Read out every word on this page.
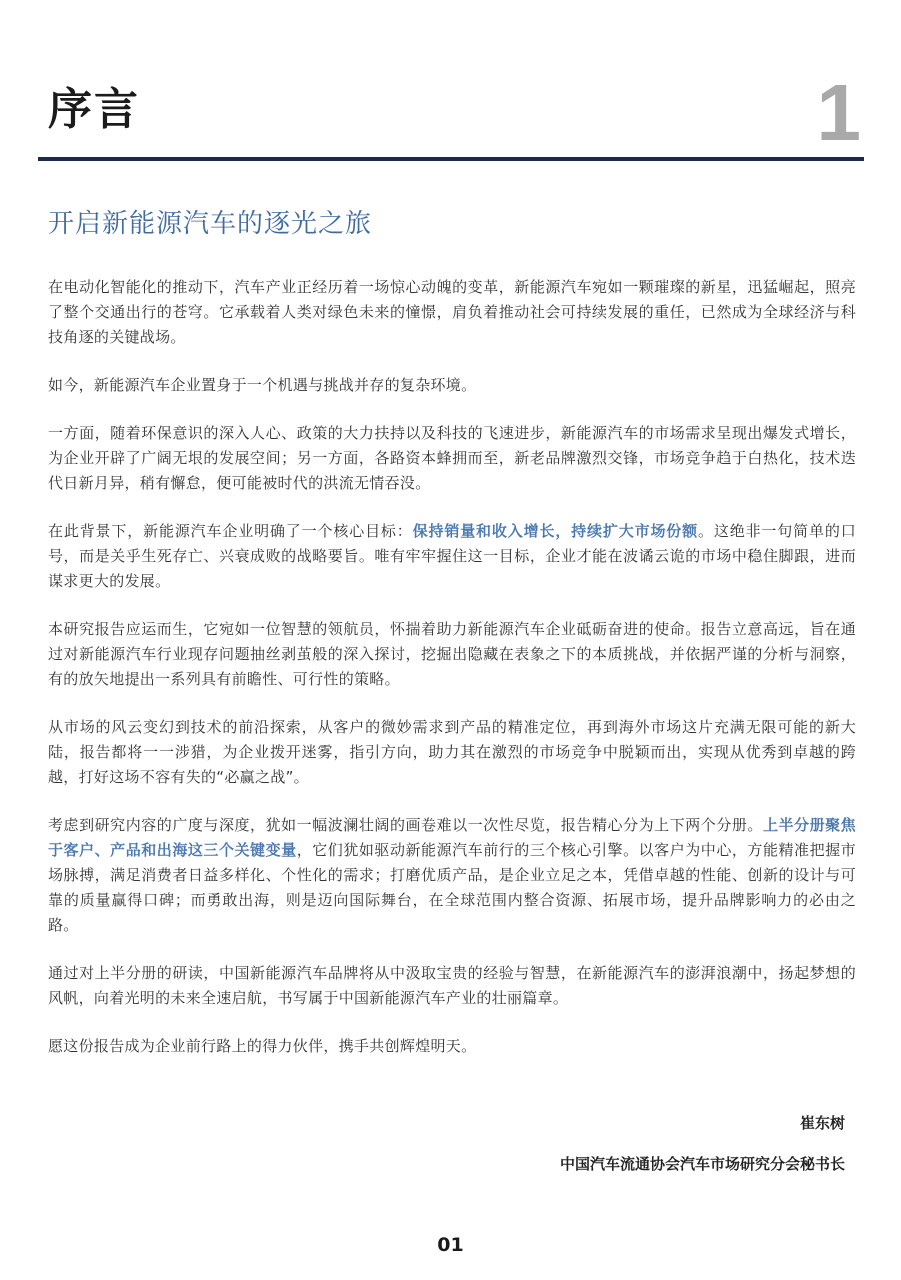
序言	1
开启新能源汽车的逐光之旅

在电动化智能化的推动下，汽车产业正经历着一场惊心动魄的变革，新能源汽车宛如一颗璀璨的新星，迅猛崛起，照亮了整个交通出行的苍穹。它承载着人类对绿色未来的憧憬，肩负着推动社会可持续发展的重任，已然成为全球经济与科技角逐的关键战场。

如今，新能源汽车企业置身于一个机遇与挑战并存的复杂环境。

一方面，随着环保意识的深入人心、政策的大力扶持以及科技的飞速进步，新能源汽车的市场需求呈现出爆发式增长，为企业开辟了广阔无垠的发展空间；另一方面，各路资本蜂拥而至，新老品牌激烈交锋，市场竞争趋于白热化，技术迭代日新月异，稍有懈怠，便可能被时代的洪流无情吞没。

在此背景下，新能源汽车企业明确了一个核心目标：保持销量和收入增长，持续扩大市场份额。这绝非一句简单的口号，而是关乎生死存亡、兴衰成败的战略要旨。唯有牢牢握住这一目标，企业才能在波谲云诡的市场中稳住脚跟，进而谋求更大的发展。

本研究报告应运而生，它宛如一位智慧的领航员，怀揣着助力新能源汽车企业砥砺奋进的使命。报告立意高远，旨在通过对新能源汽车行业现存问题抽丝剥茧般的深入探讨，挖掘出隐藏在表象之下的本质挑战，并依据严谨的分析与洞察，有的放矢地提出一系列具有前瞻性、可行性的策略。

从市场的风云变幻到技术的前沿探索，从客户的微妙需求到产品的精准定位，再到海外市场这片充满无限可能的新大陆，报告都将一一涉猎，为企业拨开迷雾，指引方向，助力其在激烈的市场竞争中脱颖而出，实现从优秀到卓越的跨越，打好这场不容有失的“必赢之战”。

考虑到研究内容的广度与深度，犹如一幅波澜壮阔的画卷难以一次性尽览，报告精心分为上下两个分册。上半分册聚焦于客户、产品和出海这三个关键变量，它们犹如驱动新能源汽车前行的三个核心引擎。以客户为中心，方能精准把握市场脉搏，满足消费者日益多样化、个性化的需求；打磨优质产品，是企业立足之本，凭借卓越的性能、创新的设计与可靠的质量赢得口碑；而勇敢出海，则是迈向国际舞台，在全球范围内整合资源、拓展市场，提升品牌影响力的必由之路。

通过对上半分册的研读，中国新能源汽车品牌将从中汲取宝贵的经验与智慧，在新能源汽车的澎湃浪潮中，扬起梦想的风帆，向着光明的未来全速启航，书写属于中国新能源汽车产业的壮丽篇章。

愿这份报告成为企业前行路上的得力伙伴，携手共创辉煌明天。

崔东树
中国汽车流通协会汽车市场研究分会秘书长
01
